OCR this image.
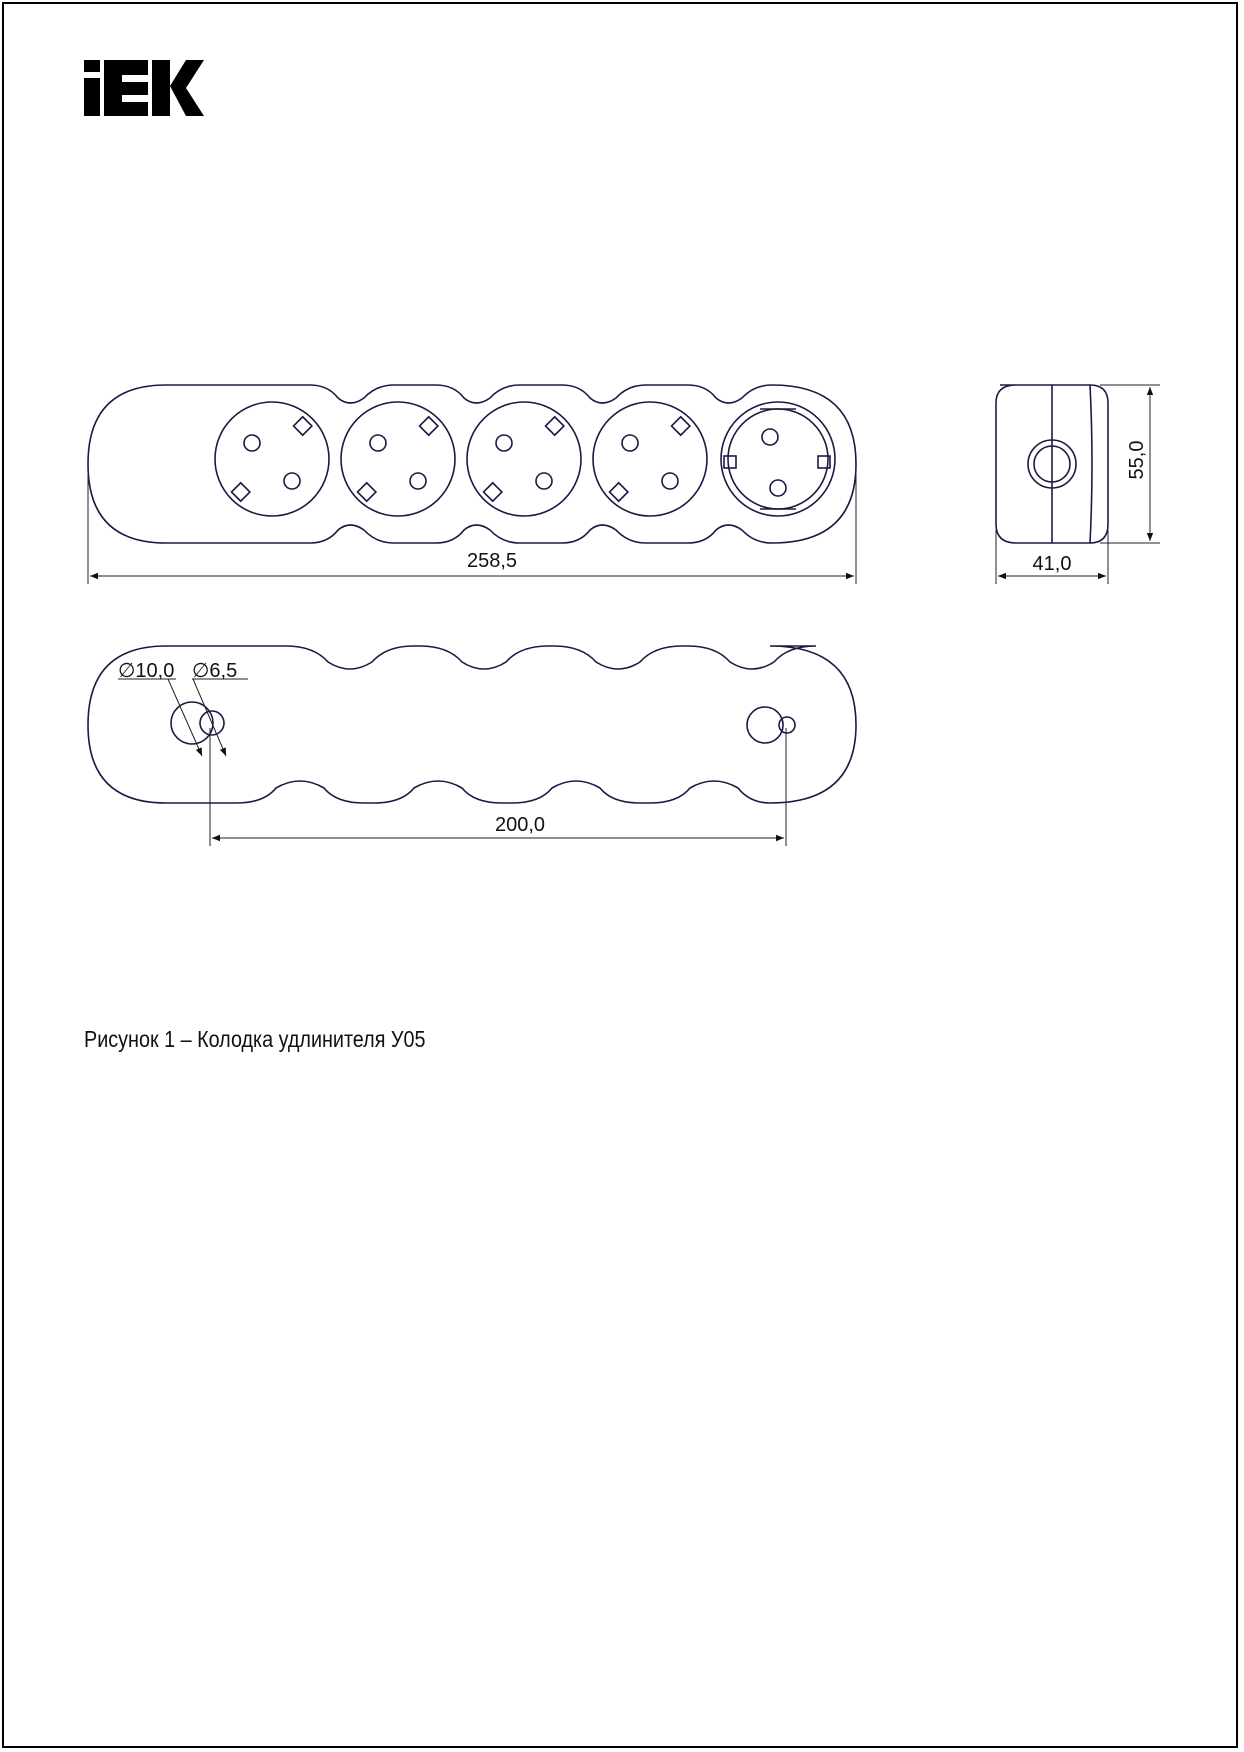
258,5
55,0
41,0
∅10,0 ∅6,5
200,0
Рисунок 1 – Колодка удлинителя У05
